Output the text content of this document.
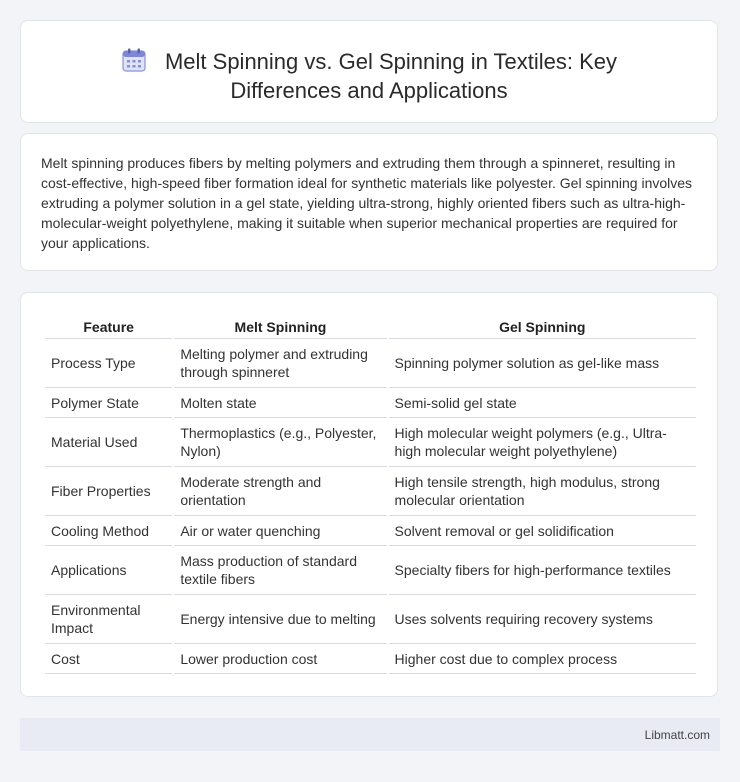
Melt Spinning vs. Gel Spinning in Textiles: Key
Differences and Applications
Melt spinning produces fibers by melting polymers and extruding them through a spinneret, resulting in cost-effective, high-speed fiber formation ideal for synthetic materials like polyester. Gel spinning involves extruding a polymer solution in a gel state, yielding ultra-strong, highly oriented fibers such as ultra-high-molecular-weight polyethylene, making it suitable when superior mechanical properties are required for your applications.
Feature	Melt Spinning	Gel Spinning
Process Type	Melting polymer and extruding through spinneret	Spinning polymer solution as gel-like mass
Polymer State	Molten state	Semi-solid gel state
Material Used	Thermoplastics (e.g., Polyester, Nylon)	High molecular weight polymers (e.g., Ultra-high molecular weight polyethylene)
Fiber Properties	Moderate strength and orientation	High tensile strength, high modulus, strong molecular orientation
Cooling Method	Air or water quenching	Solvent removal or gel solidification
Applications	Mass production of standard textile fibers	Specialty fibers for high-performance textiles
Environmental Impact	Energy intensive due to melting	Uses solvents requiring recovery systems
Cost	Lower production cost	Higher cost due to complex process
Libmatt.com
